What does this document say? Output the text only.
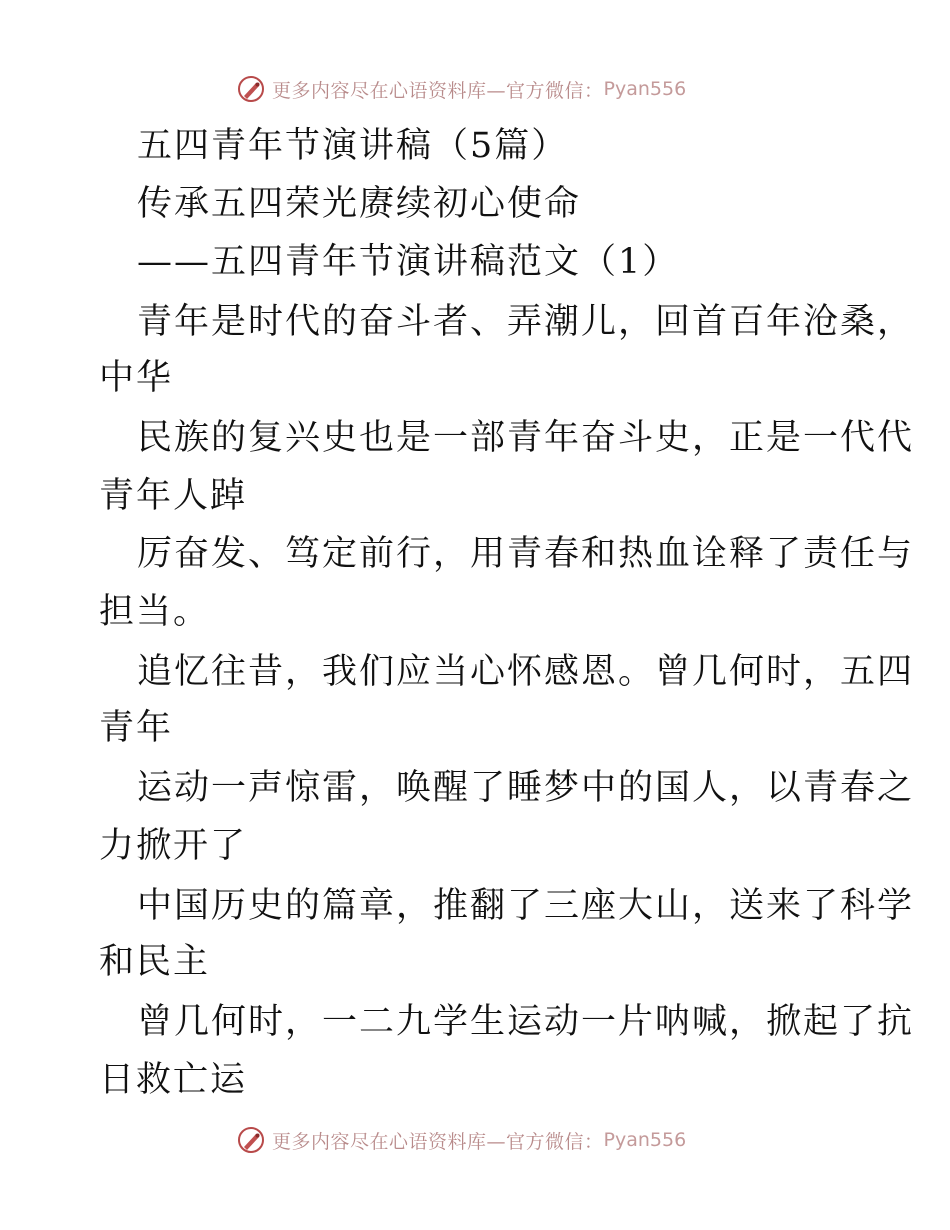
更多内容尽在心语资料库—官方微信： Pyan556
五四青年节演讲稿（5篇）
传承五四荣光赓续初心使命
——五四青年节演讲稿范文（1）
青年是时代的奋斗者、弄潮儿，回首百年沧桑，
中华
民族的复兴史也是一部青年奋斗史，正是一代代
青年人踔
厉奋发、笃定前行，用青春和热血诠释了责任与
担当。
追忆往昔，我们应当心怀感恩。曾几何时，五四
青年
运动一声惊雷，唤醒了睡梦中的国人，以青春之
力掀开了
中国历史的篇章，推翻了三座大山，送来了科学
和民主
曾几何时，一二九学生运动一片呐喊，掀起了抗
日救亡运
更多内容尽在心语资料库—官方微信： Pyan556
